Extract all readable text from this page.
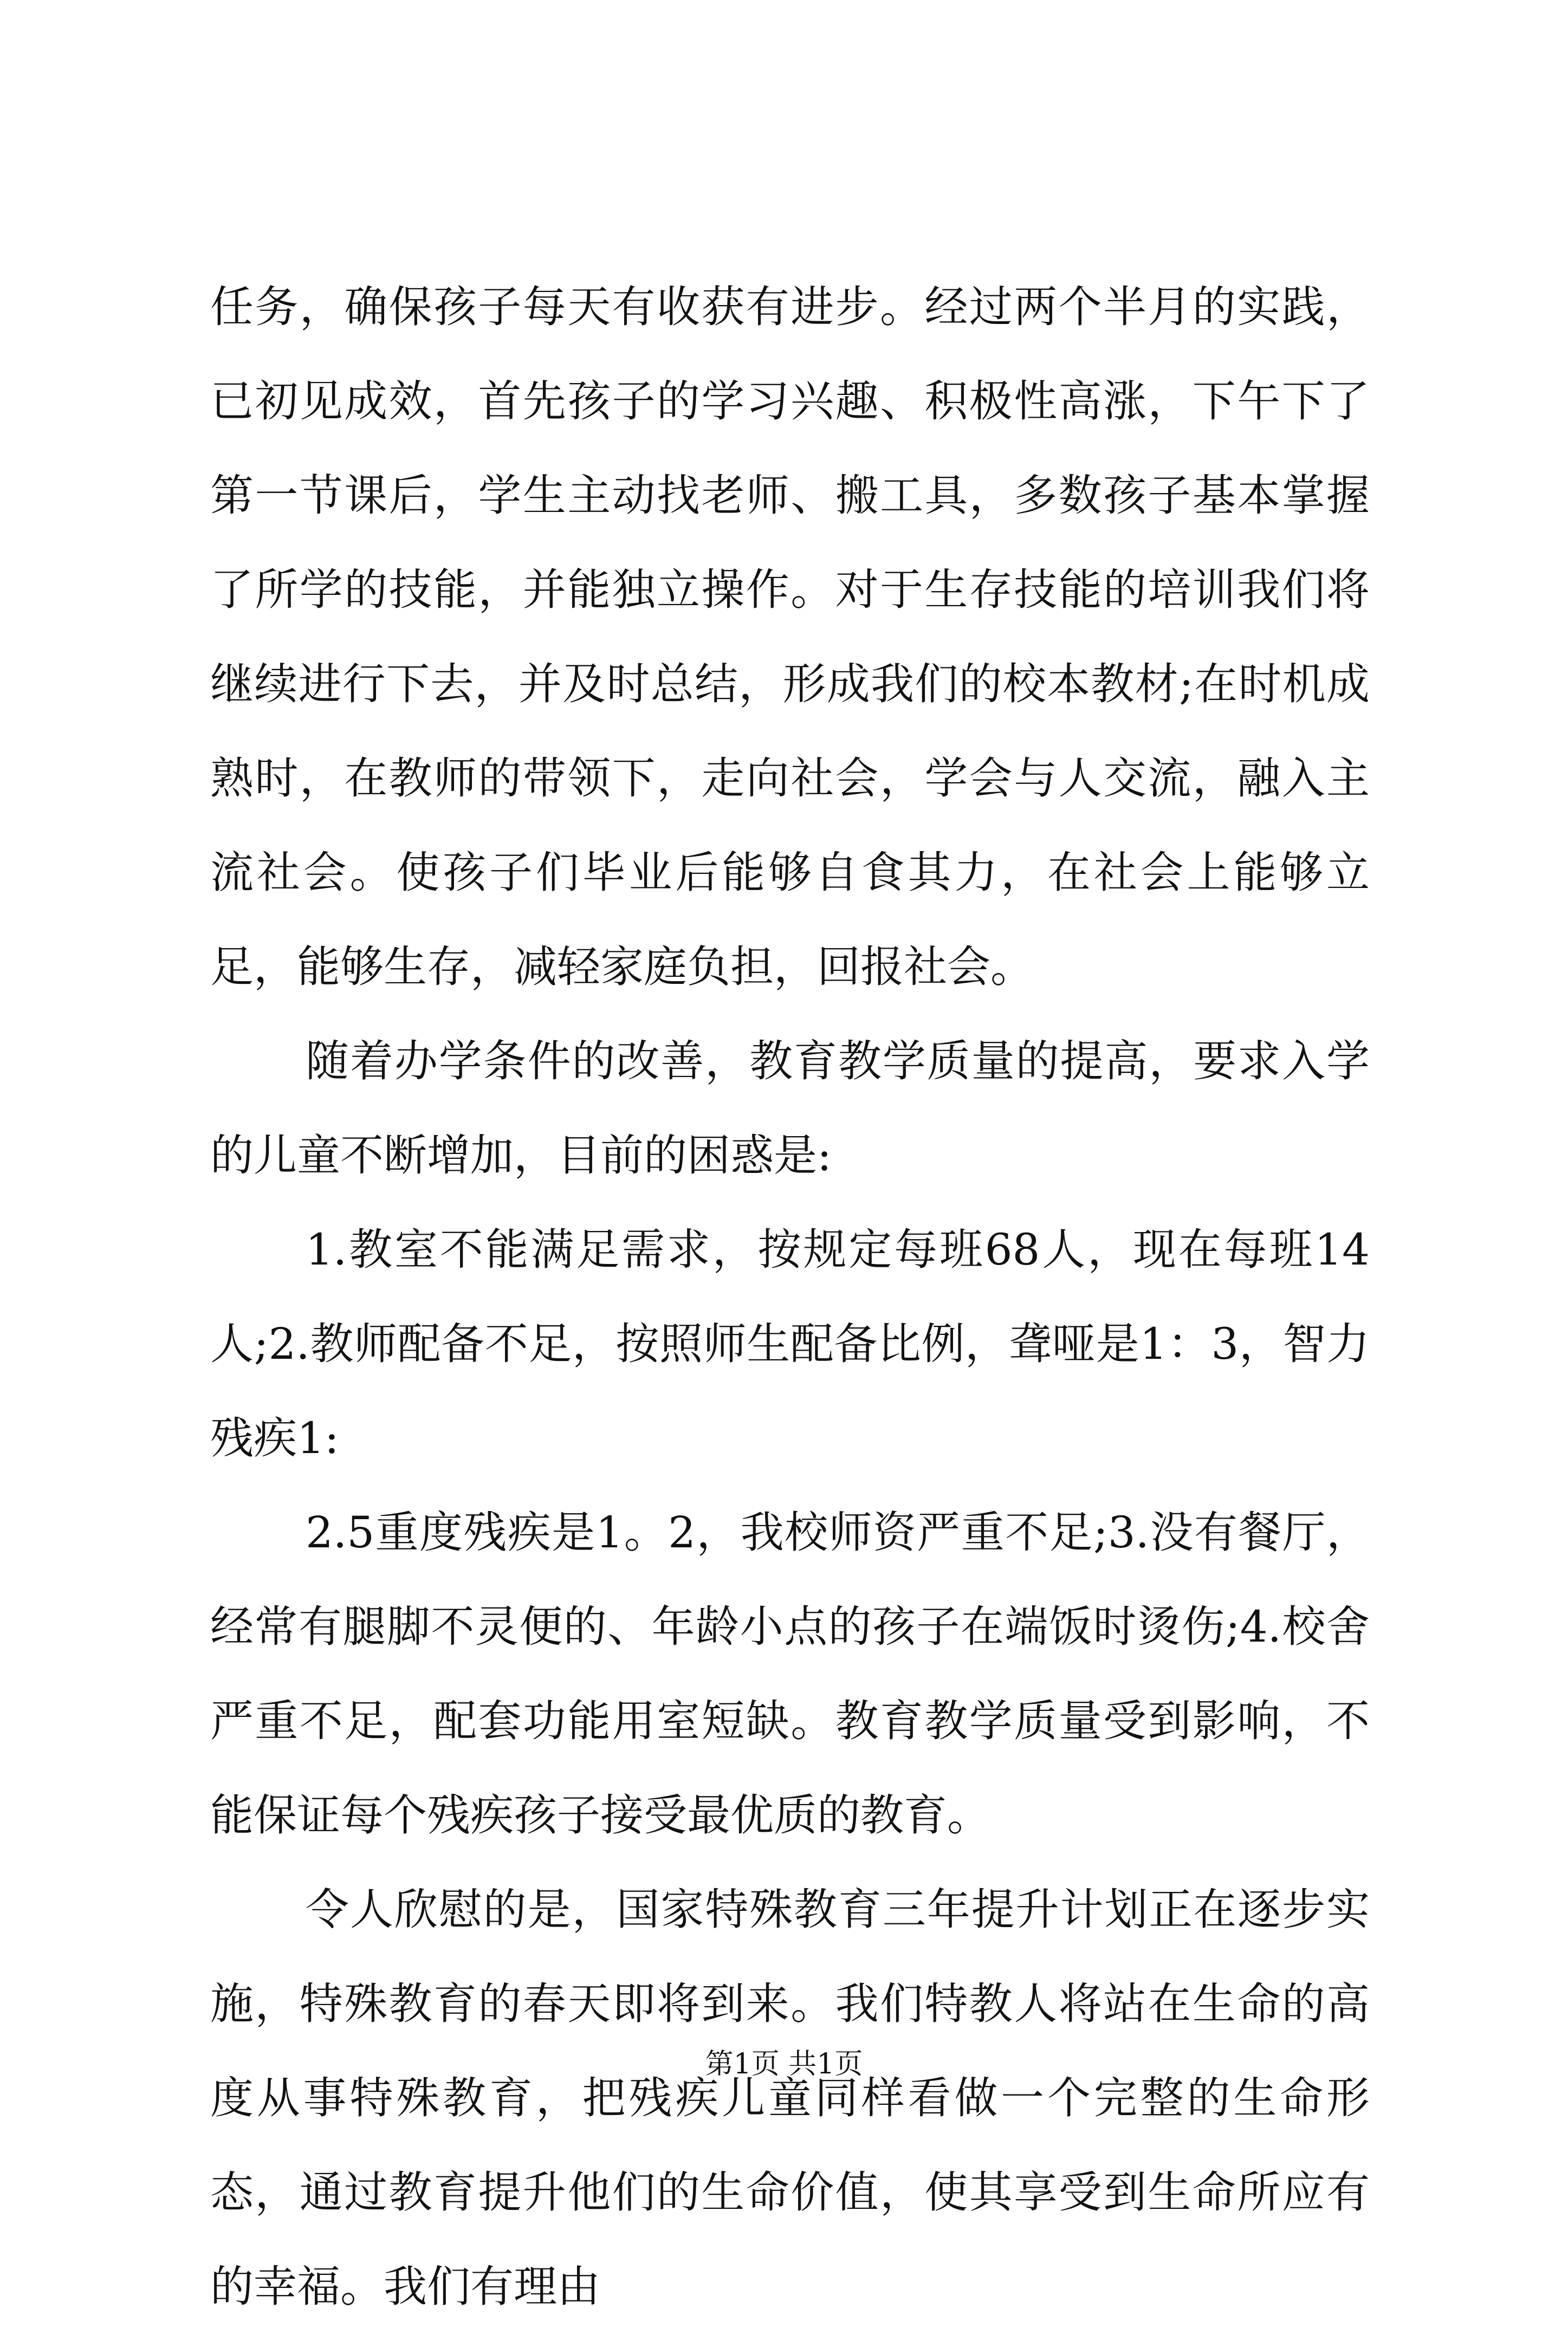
任务，确保孩子每天有收获有进步。经过两个半月的实践，已初见成效，首先孩子的学习兴趣、积极性高涨，下午下了第一节课后，学生主动找老师、搬工具，多数孩子基本掌握了所学的技能，并能独立操作。对于生存技能的培训我们将继续进行下去，并及时总结，形成我们的校本教材;在时机成熟时，在教师的带领下，走向社会，学会与人交流，融入主流社会。使孩子们毕业后能够自食其力，在社会上能够立足，能够生存，减轻家庭负担，回报社会。

随着办学条件的改善，教育教学质量的提高，要求入学的儿童不断增加，目前的困惑是:

1.教室不能满足需求，按规定每班68人，现在每班14人;2.教师配备不足，按照师生配备比例，聋哑是1：3，智力残疾1:

2.5重度残疾是1。2，我校师资严重不足;3.没有餐厅，经常有腿脚不灵便的、年龄小点的孩子在端饭时烫伤;4.校舍严重不足，配套功能用室短缺。教育教学质量受到影响，不能保证每个残疾孩子接受最优质的教育。

令人欣慰的是，国家特殊教育三年提升计划正在逐步实施，特殊教育的春天即将到来。我们特教人将站在生命的高度从事特殊教育，把残疾儿童同样看做一个完整的生命形态，通过教育提升他们的生命价值，使其享受到生命所应有的幸福。我们有理由

第1页 共1页
